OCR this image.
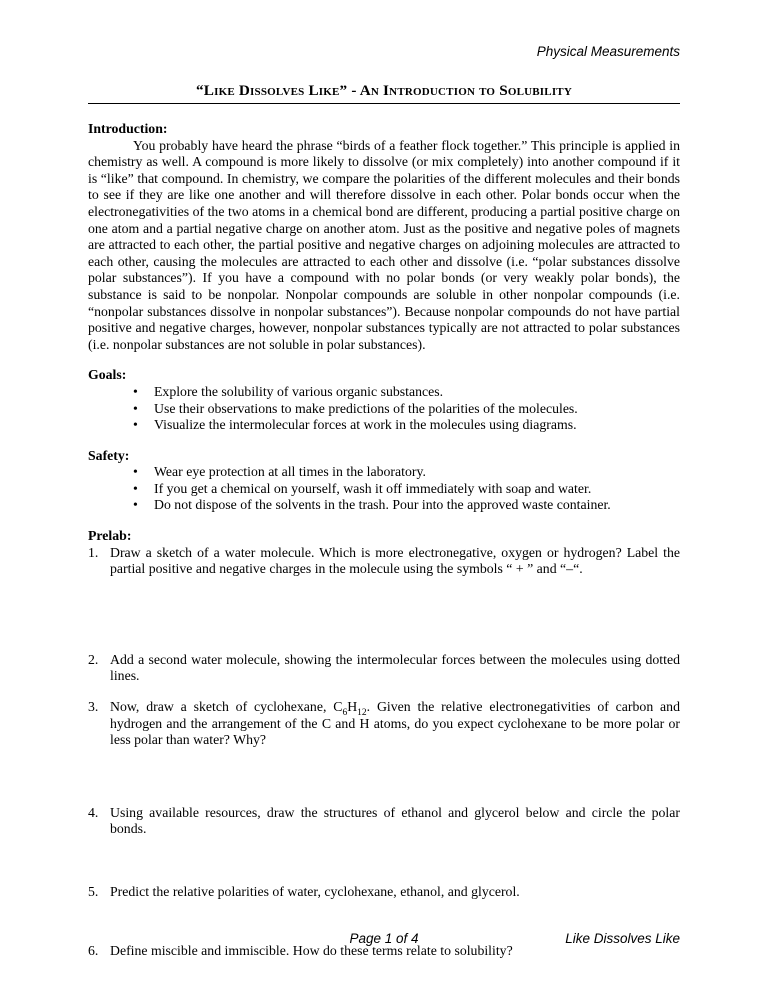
Physical Measurements
“Like Dissolves Like” - An Introduction to Solubility
Introduction:

You probably have heard the phrase “birds of a feather flock together.” This principle is applied in chemistry as well. A compound is more likely to dissolve (or mix completely) into another compound if it is “like” that compound. In chemistry, we compare the polarities of the different molecules and their bonds to see if they are like one another and will therefore dissolve in each other. Polar bonds occur when the electronegativities of the two atoms in a chemical bond are different, producing a partial positive charge on one atom and a partial negative charge on another atom. Just as the positive and negative poles of magnets are attracted to each other, the partial positive and negative charges on adjoining molecules are attracted to each other, causing the molecules are attracted to each other and dissolve (i.e. “polar substances dissolve polar substances”). If you have a compound with no polar bonds (or very weakly polar bonds), the substance is said to be nonpolar. Nonpolar compounds are soluble in other nonpolar compounds (i.e. “nonpolar substances dissolve in nonpolar substances”). Because nonpolar compounds do not have partial positive and negative charges, however, nonpolar substances typically are not attracted to polar substances (i.e. nonpolar substances are not soluble in polar substances).

Goals:
•	Explore the solubility of various organic substances.
•	Use their observations to make predictions of the polarities of the molecules.
•	Visualize the intermolecular forces at work in the molecules using diagrams.
Safety:
•	Wear eye protection at all times in the laboratory.
•	If you get a chemical on yourself, wash it off immediately with soap and water.
•	Do not dispose of the solvents in the trash. Pour into the approved waste container.
Prelab:
1. Draw a sketch of a water molecule. Which is more electronegative, oxygen or hydrogen? Label the partial positive and negative charges in the molecule using the symbols “ + ” and “–“.
2. Add a second water molecule, showing the intermolecular forces between the molecules using dotted lines.
3. Now, draw a sketch of cyclohexane, $C_6H_{12}$. Given the relative electronegativities of carbon and hydrogen and the arrangement of the C and H atoms, do you expect cyclohexane to be more polar or less polar than water? Why?
4. Using available resources, draw the structures of ethanol and glycerol below and circle the polar bonds.
5. Predict the relative polarities of water, cyclohexane, ethanol, and glycerol.
6. Define miscible and immiscible. How do these terms relate to solubility?
Page 1 of 4	Like Dissolves Like
